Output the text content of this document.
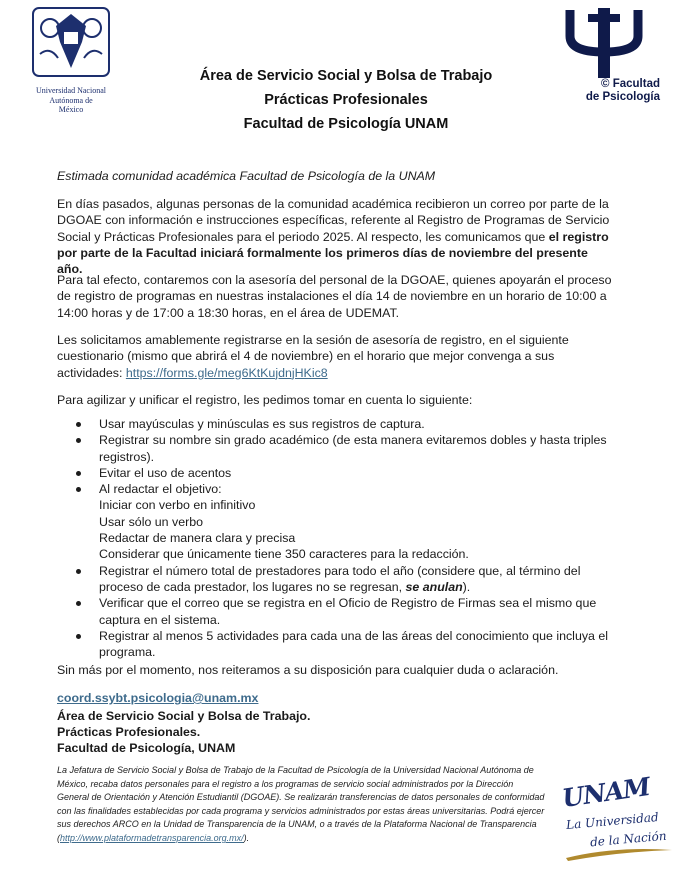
Universidad Nacional
Autónoma de
México
© Facultad
de Psicología
Área de Servicio Social y Bolsa de Trabajo
Prácticas Profesionales
Facultad de Psicología UNAM
Estimada comunidad académica Facultad de Psicología de la UNAM
En días pasados, algunas personas de la comunidad académica recibieron un correo por parte de la DGOAE con información e instrucciones específicas, referente al Registro de Programas de Servicio Social y Prácticas Profesionales para el periodo 2025. Al respecto, les comunicamos que el registro por parte de la Facultad iniciará formalmente los primeros días de noviembre del presente año.
Para tal efecto, contaremos con la asesoría del personal de la DGOAE, quienes apoyarán el proceso de registro de programas en nuestras instalaciones el día 14 de noviembre en un horario de 10:00 a 14:00 horas y de 17:00 a 18:30 horas, en el área de UDEMAT.
Les solicitamos amablemente registrarse en la sesión de asesoría de registro, en el siguiente cuestionario (mismo que abrirá el 4 de noviembre) en el horario que mejor convenga a sus actividades: https://forms.gle/meg6KtKujdnjHKic8
Para agilizar y unificar el registro, les pedimos tomar en cuenta lo siguiente:
Usar mayúsculas y minúsculas es sus registros de captura.
Registrar su nombre sin grado académico (de esta manera evitaremos dobles y hasta triples registros).
Evitar el uso de acentos
Al redactar el objetivo:
Iniciar con verbo en infinitivo
Usar sólo un verbo
Redactar de manera clara y precisa
Considerar que únicamente tiene 350 caracteres para la redacción.
Registrar el número total de prestadores para todo el año (considere que, al término del proceso de cada prestador, los lugares no se regresan, se anulan).
Verificar que el correo que se registra en el Oficio de Registro de Firmas sea el mismo que captura en el sistema.
Registrar al menos 5 actividades para cada una de las áreas del conocimiento que incluya el programa.
Sin más por el momento, nos reiteramos a su disposición para cualquier duda o aclaración.
coord.ssybt.psicologia@unam.mx
Área de Servicio Social y Bolsa de Trabajo.
Prácticas Profesionales.
Facultad de Psicología, UNAM
La Jefatura de Servicio Social y Bolsa de Trabajo de la Facultad de Psicología de la Universidad Nacional Autónoma de México, recaba datos personales para el registro a los programas de servicio social administrados por la Dirección General de Orientación y Atención Estudiantil (DGOAE). Se realizarán transferencias de datos personales de conformidad con las finalidades establecidas por cada programa y servicios administrados por estas áreas universitarias. Podrá ejercer sus derechos ARCO en la Unidad de Transparencia de la UNAM, o a través de la Plataforma Nacional de Transparencia (http://www.plataformadetransparencia.org.mx/).
UNAM
La Universidad
de la Nación
